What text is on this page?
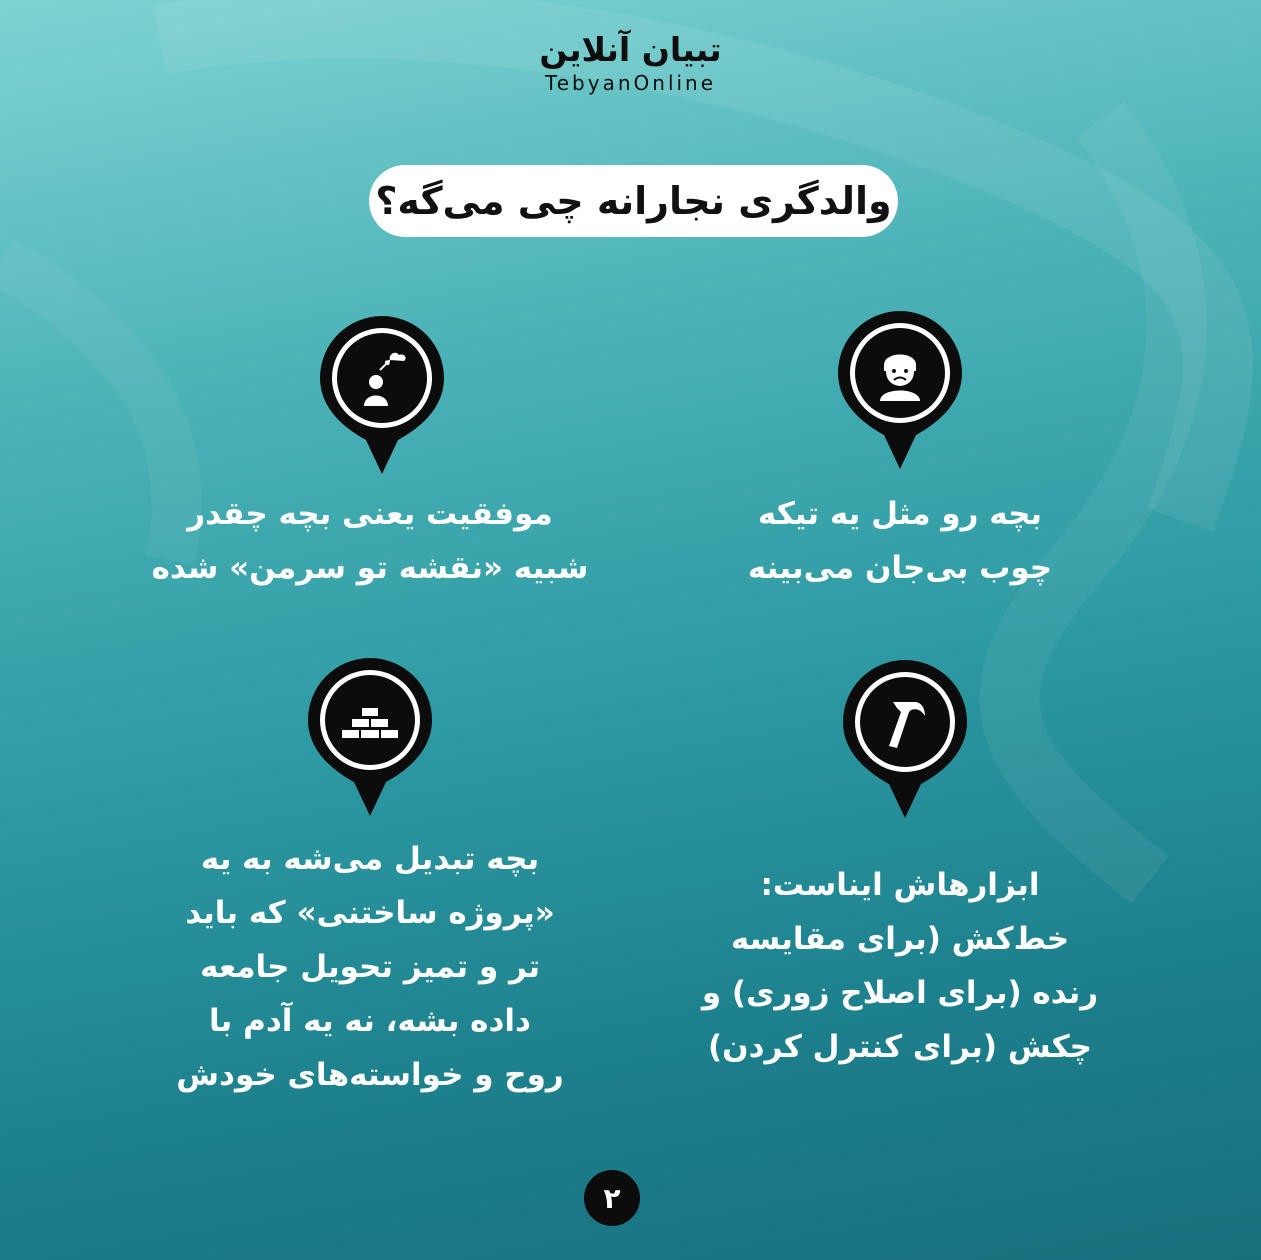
تبیان آنلاین
TebyanOnline
والدگری نجارانه چی می‌گه؟
بچه رو مثل یه تیکه
چوب بی‌جان می‌بینه
موفقیت یعنی بچه چقدر
شبیه «نقشه تو سرمن» شده
ابزارهاش ایناست:
خط‌کش (برای مقایسه
رنده (برای اصلاح زوری) و
چکش (برای کنترل کردن)
بچه تبدیل می‌شه به یه
«پروژه ساختنی» که باید
تر و تمیز تحویل جامعه
داده بشه، نه یه آدم با
روح و خواسته‌های خودش
۲
